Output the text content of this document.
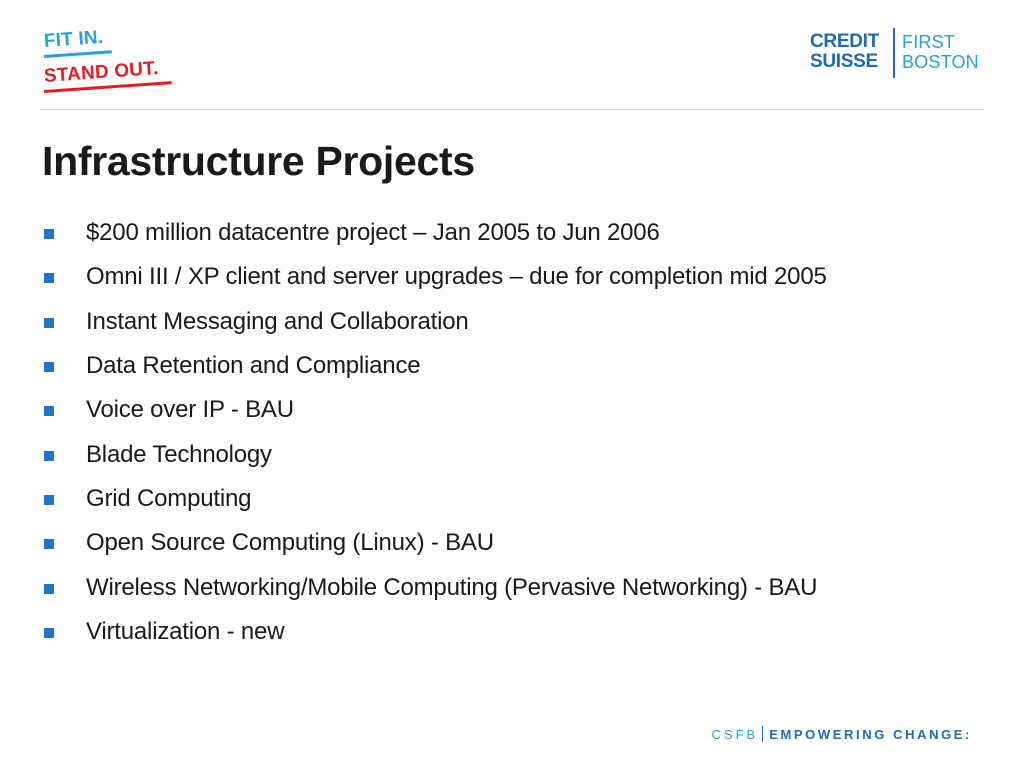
FIT IN.
STAND OUT.
CREDIT
SUISSE
FIRST
BOSTON
Infrastructure Projects
$200 million datacentre project – Jan 2005 to Jun 2006
Omni III / XP client and server upgrades – due for completion mid 2005
Instant Messaging and Collaboration
Data Retention and Compliance
Voice over IP - BAU
Blade Technology
Grid Computing
Open Source Computing (Linux) - BAU
Wireless Networking/Mobile Computing (Pervasive Networking) - BAU
Virtualization - new
CSFB EMPOWERING CHANGE:
